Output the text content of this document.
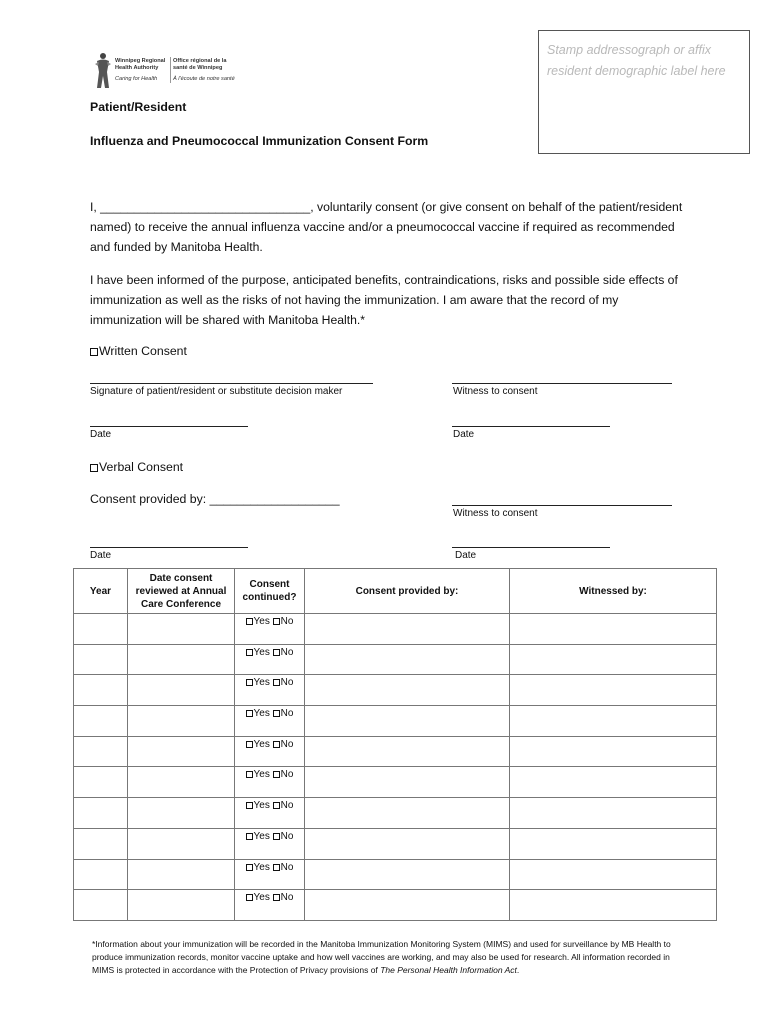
Stamp addressograph or affix resident demographic label here
Winnipeg Regional
Health Authority
Caring for Health
Office régional de la
santé de Winnipeg
À l'écoute de notre santé
Patient/Resident
Influenza and Pneumococcal Immunization Consent Form
I, _______________________________, voluntarily consent (or give consent on behalf of the patient/resident named) to receive the annual influenza vaccine and/or a pneumococcal vaccine if required as recommended and funded by Manitoba Health.
I have been informed of the purpose, anticipated benefits, contraindications, risks and possible side effects of immunization as well as the risks of not having the immunization. I am aware that the record of my immunization will be shared with Manitoba Health.*
Written Consent
Signature of patient/resident or substitute decision maker	Witness to consent
Date	Date
Verbal Consent
Consent provided by: ___________________
Witness to consent
Date	Date
Year	Date consent reviewed at Annual Care Conference	Consent continued?	Consent provided by:	Witnessed by:
		Yes No		
		Yes No		
		Yes No		
		Yes No		
		Yes No		
		Yes No		
		Yes No		
		Yes No		
		Yes No		
		Yes No		
*Information about your immunization will be recorded in the Manitoba Immunization Monitoring System (MIMS) and used for surveillance by MB Health to produce immunization records, monitor vaccine uptake and how well vaccines are working, and may also be used for research. All information recorded in MIMS is protected in accordance with the Protection of Privacy provisions of The Personal Health Information Act.
